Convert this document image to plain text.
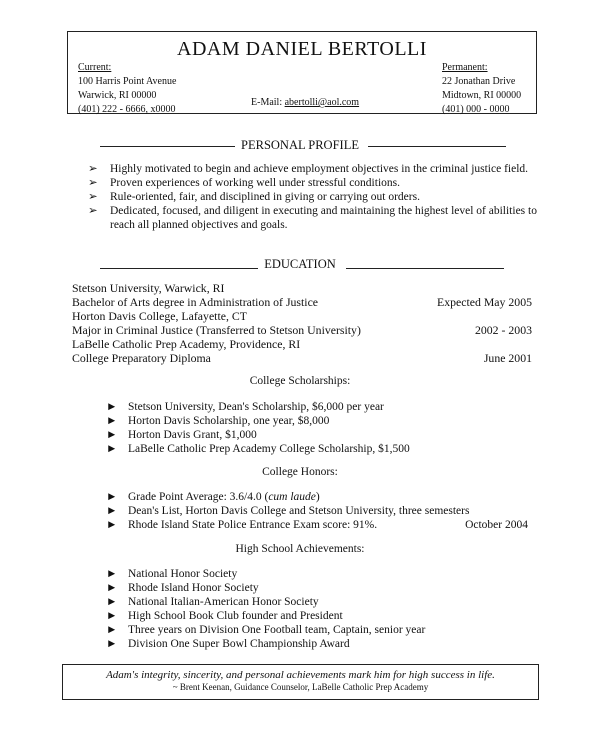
ADAM DANIEL BERTOLLI
Current:
100 Harris Point Avenue
Warwick, RI 00000
(401) 222 - 6666, x0000
E-Mail: abertolli@aol.com
Permanent:
22 Jonathan Drive
Midtown, RI 00000
(401) 000 - 0000
PERSONAL PROFILE
➢ Highly motivated to begin and achieve employment objectives in the criminal justice field.
➢ Proven experiences of working well under stressful conditions.
➢ Rule-oriented, fair, and disciplined in giving or carrying out orders.
➢ Dedicated, focused, and diligent in executing and maintaining the highest level of abilities to reach all planned objectives and goals.
EDUCATION
Stetson University, Warwick, RI
Bachelor of Arts degree in Administration of Justice	Expected May 2005
Horton Davis College, Lafayette, CT
Major in Criminal Justice (Transferred to Stetson University)	2002 - 2003
LaBelle Catholic Prep Academy, Providence, RI
College Preparatory Diploma	June 2001
College Scholarships:
► Stetson University, Dean's Scholarship, $6,000 per year
► Horton Davis Scholarship, one year, $8,000
► Horton Davis Grant, $1,000
► LaBelle Catholic Prep Academy College Scholarship, $1,500
College Honors:
► Grade Point Average: 3.6/4.0 (cum laude)
► Dean's List, Horton Davis College and Stetson University, three semesters
► Rhode Island State Police Entrance Exam score: 91%.	October 2004
High School Achievements:
► National Honor Society
► Rhode Island Honor Society
► National Italian-American Honor Society
► High School Book Club founder and President
► Three years on Division One Football team, Captain, senior year
► Division One Super Bowl Championship Award
Adam's integrity, sincerity, and personal achievements mark him for high success in life.
~ Brent Keenan, Guidance Counselor, LaBelle Catholic Prep Academy
